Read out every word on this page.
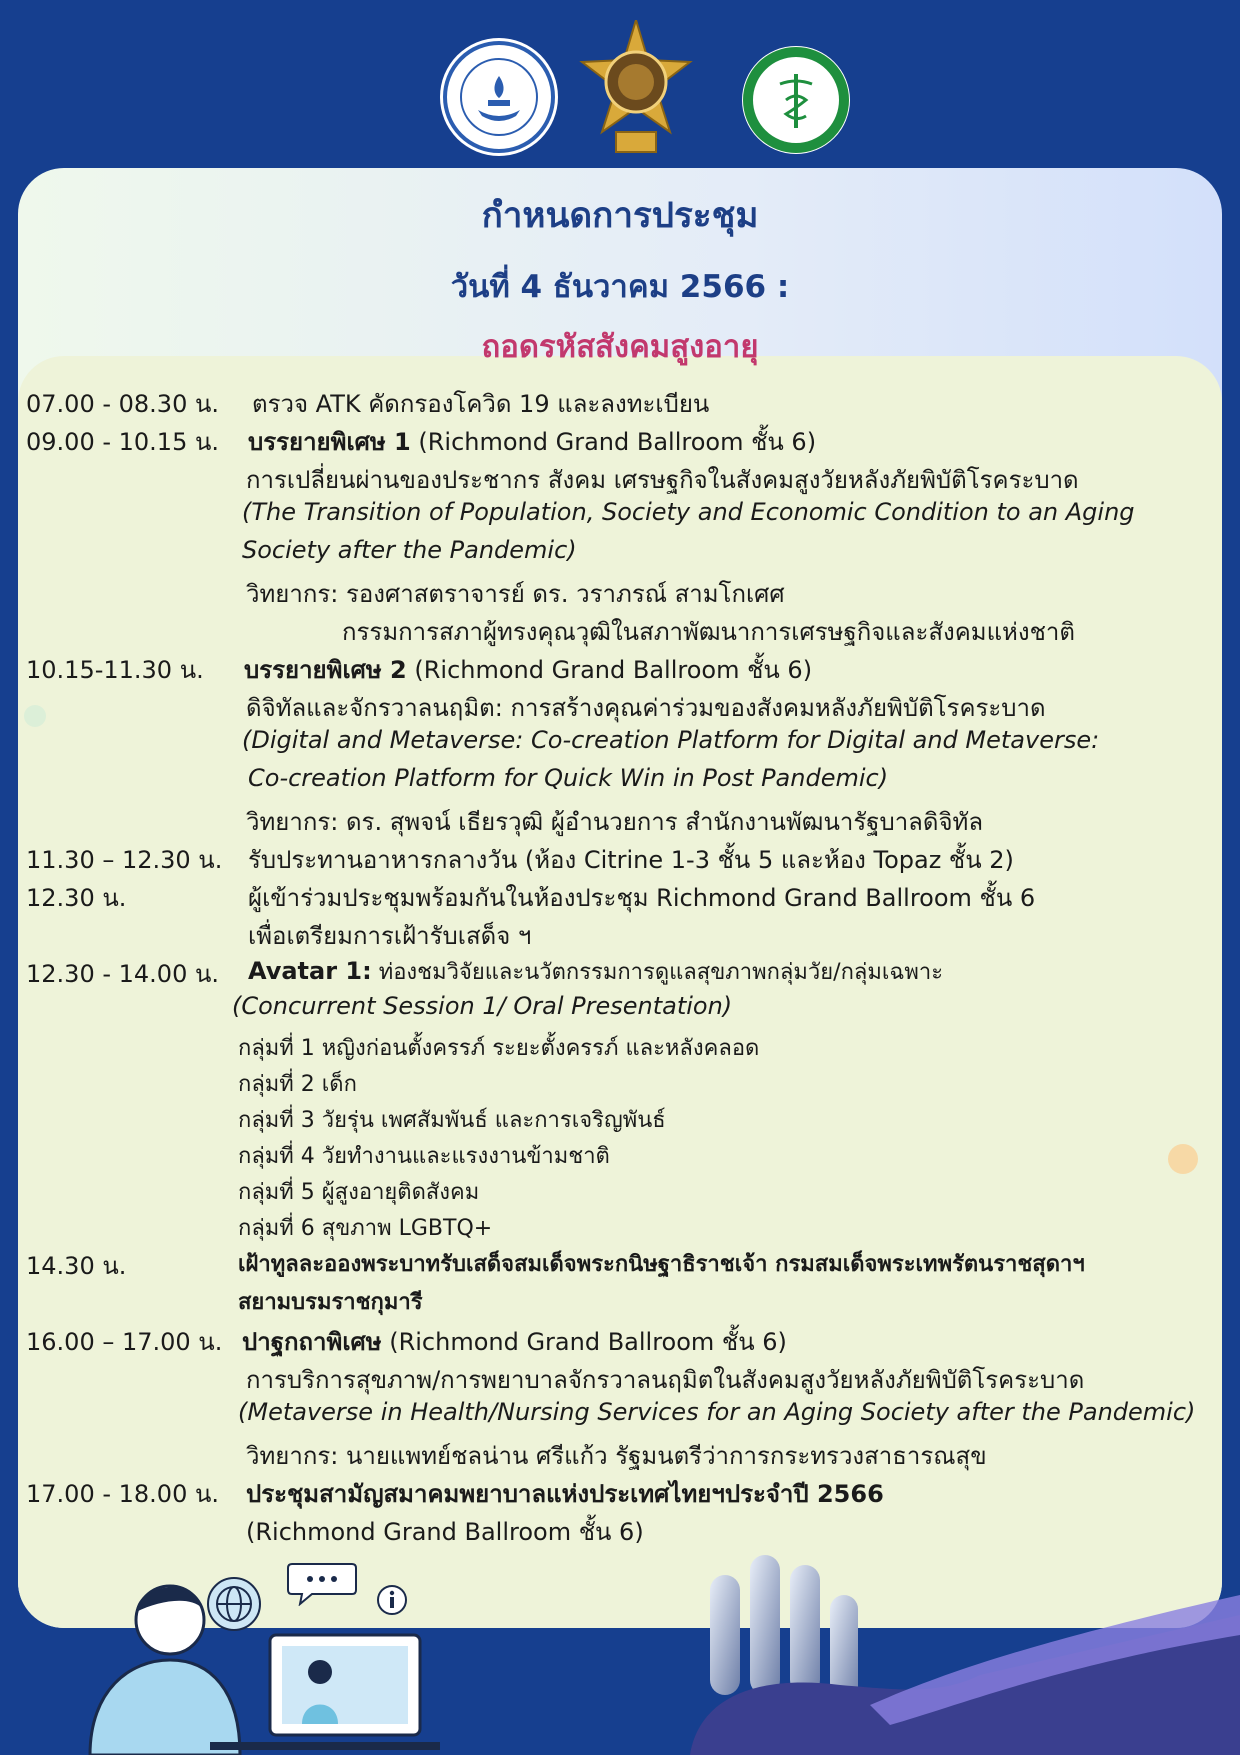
กำหนดการประชุม
วันที่ 4 ธันวาคม 2566 :
ถอดรหัสสังคมสูงอายุ
07.00 - 08.30 น. ตรวจ ATK คัดกรองโควิด 19 และลงทะเบียน
09.00 - 10.15 น. บรรยายพิเศษ 1 (Richmond Grand Ballroom ชั้น 6)
การเปลี่ยนผ่านของประชากร สังคม เศรษฐกิจในสังคมสูงวัยหลังภัยพิบัติโรคระบาด
(The Transition of Population, Society and Economic Condition to an Aging
Society after the Pandemic)
วิทยากร: รองศาสตราจารย์ ดร. วราภรณ์ สามโกเศศ
กรรมการสภาผู้ทรงคุณวุฒิในสภาพัฒนาการเศรษฐกิจและสังคมแห่งชาติ
10.15-11.30 น. บรรยายพิเศษ 2 (Richmond Grand Ballroom ชั้น 6)
ดิจิทัลและจักรวาลนฤมิต: การสร้างคุณค่าร่วมของสังคมหลังภัยพิบัติโรคระบาด
(Digital and Metaverse: Co-creation Platform for Digital and Metaverse:
Co-creation Platform for Quick Win in Post Pandemic)
วิทยากร: ดร. สุพจน์ เธียรวุฒิ ผู้อำนวยการ สำนักงานพัฒนารัฐบาลดิจิทัล
11.30 – 12.30 น. รับประทานอาหารกลางวัน (ห้อง Citrine 1-3 ชั้น 5 และห้อง Topaz ชั้น 2)
12.30 น.	ผู้เข้าร่วมประชุมพร้อมกันในห้องประชุม Richmond Grand Ballroom ชั้น 6
เพื่อเตรียมการเฝ้ารับเสด็จ ฯ
12.30 - 14.00 น. Avatar 1: ท่องชมวิจัยและนวัตกรรมการดูแลสุขภาพกลุ่มวัย/กลุ่มเฉพาะ
(Concurrent Session 1/ Oral Presentation)
กลุ่มที่ 1 หญิงก่อนตั้งครรภ์ ระยะตั้งครรภ์ และหลังคลอด
กลุ่มที่ 2 เด็ก
กลุ่มที่ 3 วัยรุ่น เพศสัมพันธ์ และการเจริญพันธ์
กลุ่มที่ 4 วัยทำงานและแรงงานข้ามชาติ
กลุ่มที่ 5 ผู้สูงอายุติดสังคม
กลุ่มที่ 6 สุขภาพ LGBTQ+
14.30 น.	เฝ้าทูลละอองพระบาทรับเสด็จสมเด็จพระกนิษฐาธิราชเจ้า กรมสมเด็จพระเทพรัตนราชสุดาฯ
สยามบรมราชกุมารี
16.00 – 17.00 น. ปาฐกถาพิเศษ (Richmond Grand Ballroom ชั้น 6)
การบริการสุขภาพ/การพยาบาลจักรวาลนฤมิตในสังคมสูงวัยหลังภัยพิบัติโรคระบาด
(Metaverse in Health/Nursing Services for an Aging Society after the Pandemic)
วิทยากร: นายแพทย์ชลน่าน ศรีแก้ว รัฐมนตรีว่าการกระทรวงสาธารณสุข
17.00 - 18.00 น. ประชุมสามัญสมาคมพยาบาลแห่งประเทศไทยฯประจำปี 2566
(Richmond Grand Ballroom ชั้น 6)
